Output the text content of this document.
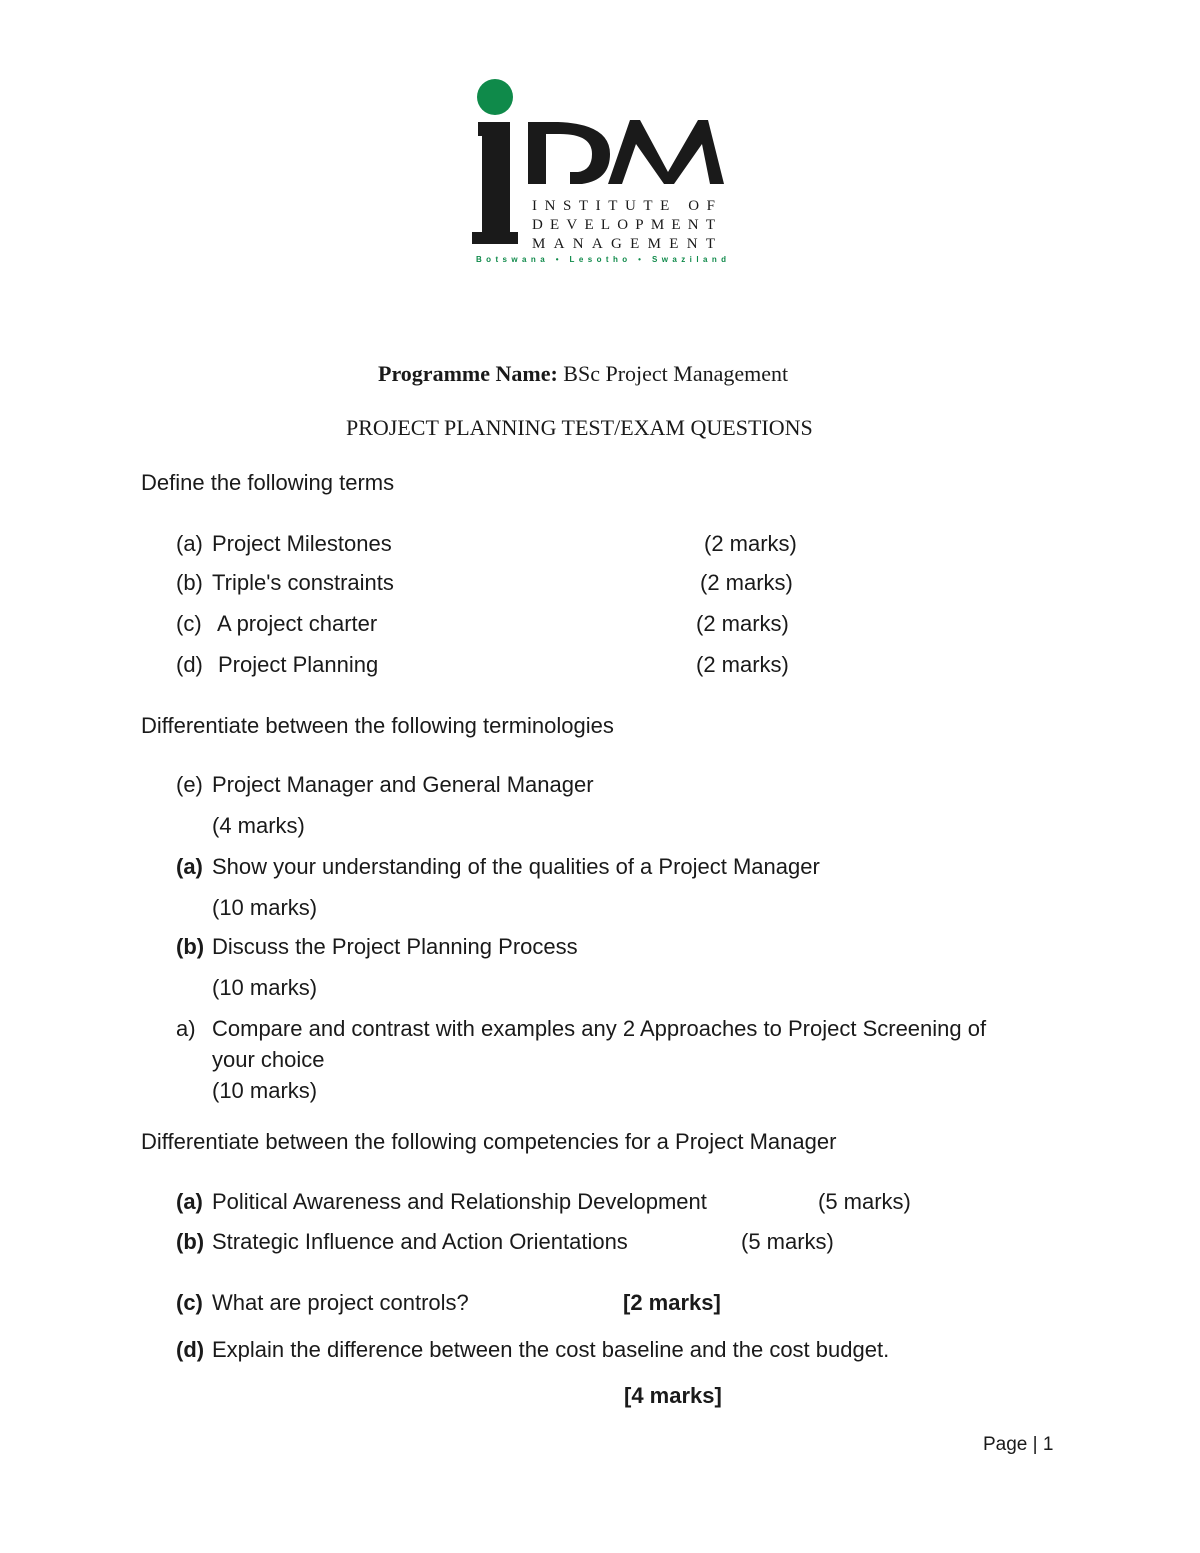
INSTITUTE OF
DEVELOPMENT
MANAGEMENT
Botswana • Lesotho • Swaziland
Programme Name: BSc Project Management
PROJECT PLANNING TEST/EXAM QUESTIONS
Define the following terms
(a) Project Milestones	(2 marks)
(b) Triple's constraints	(2 marks)
(c) A project charter	(2 marks)
(d) Project Planning	(2 marks)
Differentiate between the following terminologies
(e) Project Manager and General Manager
(4 marks)
(a) Show your understanding of the qualities of a Project Manager
(10 marks)
(b) Discuss the Project Planning Process
(10 marks)
a) Compare and contrast with examples any 2 Approaches to Project Screening of
your choice
(10 marks)
Differentiate between the following competencies for a Project Manager
(a) Political Awareness and Relationship Development	(5 marks)
(b) Strategic Influence and Action Orientations	(5 marks)
(c) What are project controls?	[2 marks]
(d) Explain the difference between the cost baseline and the cost budget.
[4 marks]
Page | 1
